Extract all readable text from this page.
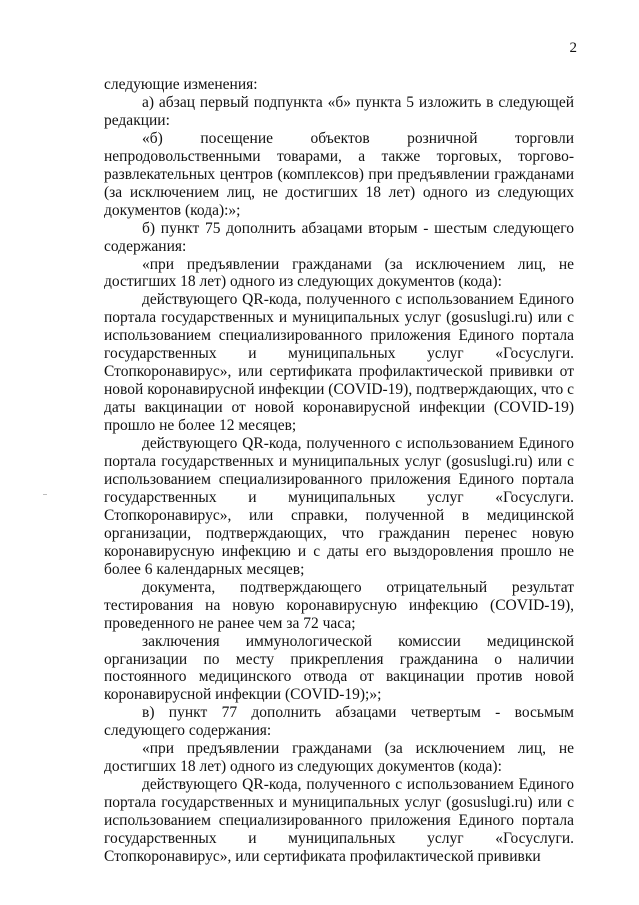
2

следующие изменения:

а) абзац первый подпункта «б» пункта 5 изложить в следующей редакции:

«б) посещение объектов розничной торговли непродовольственными товарами, а также торговых, торгово-развлекательных центров (комплексов) при предъявлении гражданами (за исключением лиц, не достигших 18 лет) одного из следующих документов (кода):»;

б) пункт 75 дополнить абзацами вторым - шестым следующего содержания:

«при предъявлении гражданами (за исключением лиц, не достигших 18 лет) одного из следующих документов (кода):

действующего QR-кода, полученного с использованием Единого портала государственных и муниципальных услуг (gosuslugi.ru) или с использованием специализированного приложения Единого портала государственных и муниципальных услуг «Госуслуги. Стопкоронавирус», или сертификата профилактической прививки от новой коронавирусной инфекции (COVID-19), подтверждающих, что с даты вакцинации от новой коронавирусной инфекции (COVID-19) прошло не более 12 месяцев;

действующего QR-кода, полученного с использованием Единого портала государственных и муниципальных услуг (gosuslugi.ru) или с использованием специализированного приложения Единого портала государственных и муниципальных услуг «Госуслуги. Стопкоронавирус», или справки, полученной в медицинской организации, подтверждающих, что гражданин перенес новую коронавирусную инфекцию и с даты его выздоровления прошло не более 6 календарных месяцев;

документа, подтверждающего отрицательный результат тестирования на новую коронавирусную инфекцию (COVID-19), проведенного не ранее чем за 72 часа;

заключения иммунологической комиссии медицинской организации по месту прикрепления гражданина о наличии постоянного медицинского отвода от вакцинации против новой коронавирусной инфекции (COVID-19);»;

в) пункт 77 дополнить абзацами четвертым - восьмым следующего содержания:

«при предъявлении гражданами (за исключением лиц, не достигших 18 лет) одного из следующих документов (кода):

действующего QR-кода, полученного с использованием Единого портала государственных и муниципальных услуг (gosuslugi.ru) или с использованием специализированного приложения Единого портала государственных и муниципальных услуг «Госуслуги. Стопкоронавирус», или сертификата профилактической прививки
